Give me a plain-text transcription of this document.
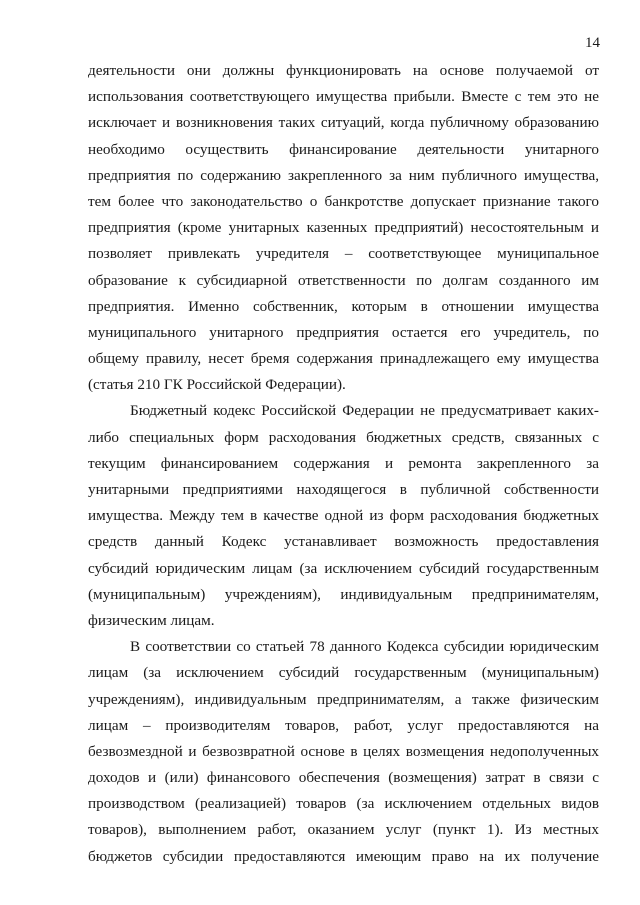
14

деятельности они должны функционировать на основе получаемой от
использования соответствующего имущества прибыли. Вместе с тем это не
исключает и возникновения таких ситуаций, когда публичному образованию
необходимо осуществить финансирование деятельности унитарного
предприятия по содержанию закрепленного за ним публичного имущества,
тем более что законодательство о банкротстве допускает признание такого
предприятия (кроме унитарных казенных предприятий) несостоятельным и
позволяет привлекать учредителя – соответствующее муниципальное
образование к субсидиарной ответственности по долгам созданного им
предприятия. Именно собственник, которым в отношении имущества
муниципального унитарного предприятия остается его учредитель, по
общему правилу, несет бремя содержания принадлежащего ему имущества
(статья 210 ГК Российской Федерации).

Бюджетный кодекс Российской Федерации не предусматривает каких-
либо специальных форм расходования бюджетных средств, связанных с
текущим финансированием содержания и ремонта закрепленного за
унитарными предприятиями находящегося в публичной собственности
имущества. Между тем в качестве одной из форм расходования бюджетных
средств данный Кодекс устанавливает возможность предоставления
субсидий юридическим лицам (за исключением субсидий государственным
(муниципальным) учреждениям), индивидуальным предпринимателям,
физическим лицам.

В соответствии со статьей 78 данного Кодекса субсидии юридическим
лицам (за исключением субсидий государственным (муниципальным)
учреждениям), индивидуальным предпринимателям, а также физическим
лицам – производителям товаров, работ, услуг предоставляются на
безвозмездной и безвозвратной основе в целях возмещения недополученных
доходов и (или) финансового обеспечения (возмещения) затрат в связи с
производством (реализацией) товаров (за исключением отдельных видов
товаров), выполнением работ, оказанием услуг (пункт 1). Из местных
бюджетов субсидии предоставляются имеющим право на их получение
